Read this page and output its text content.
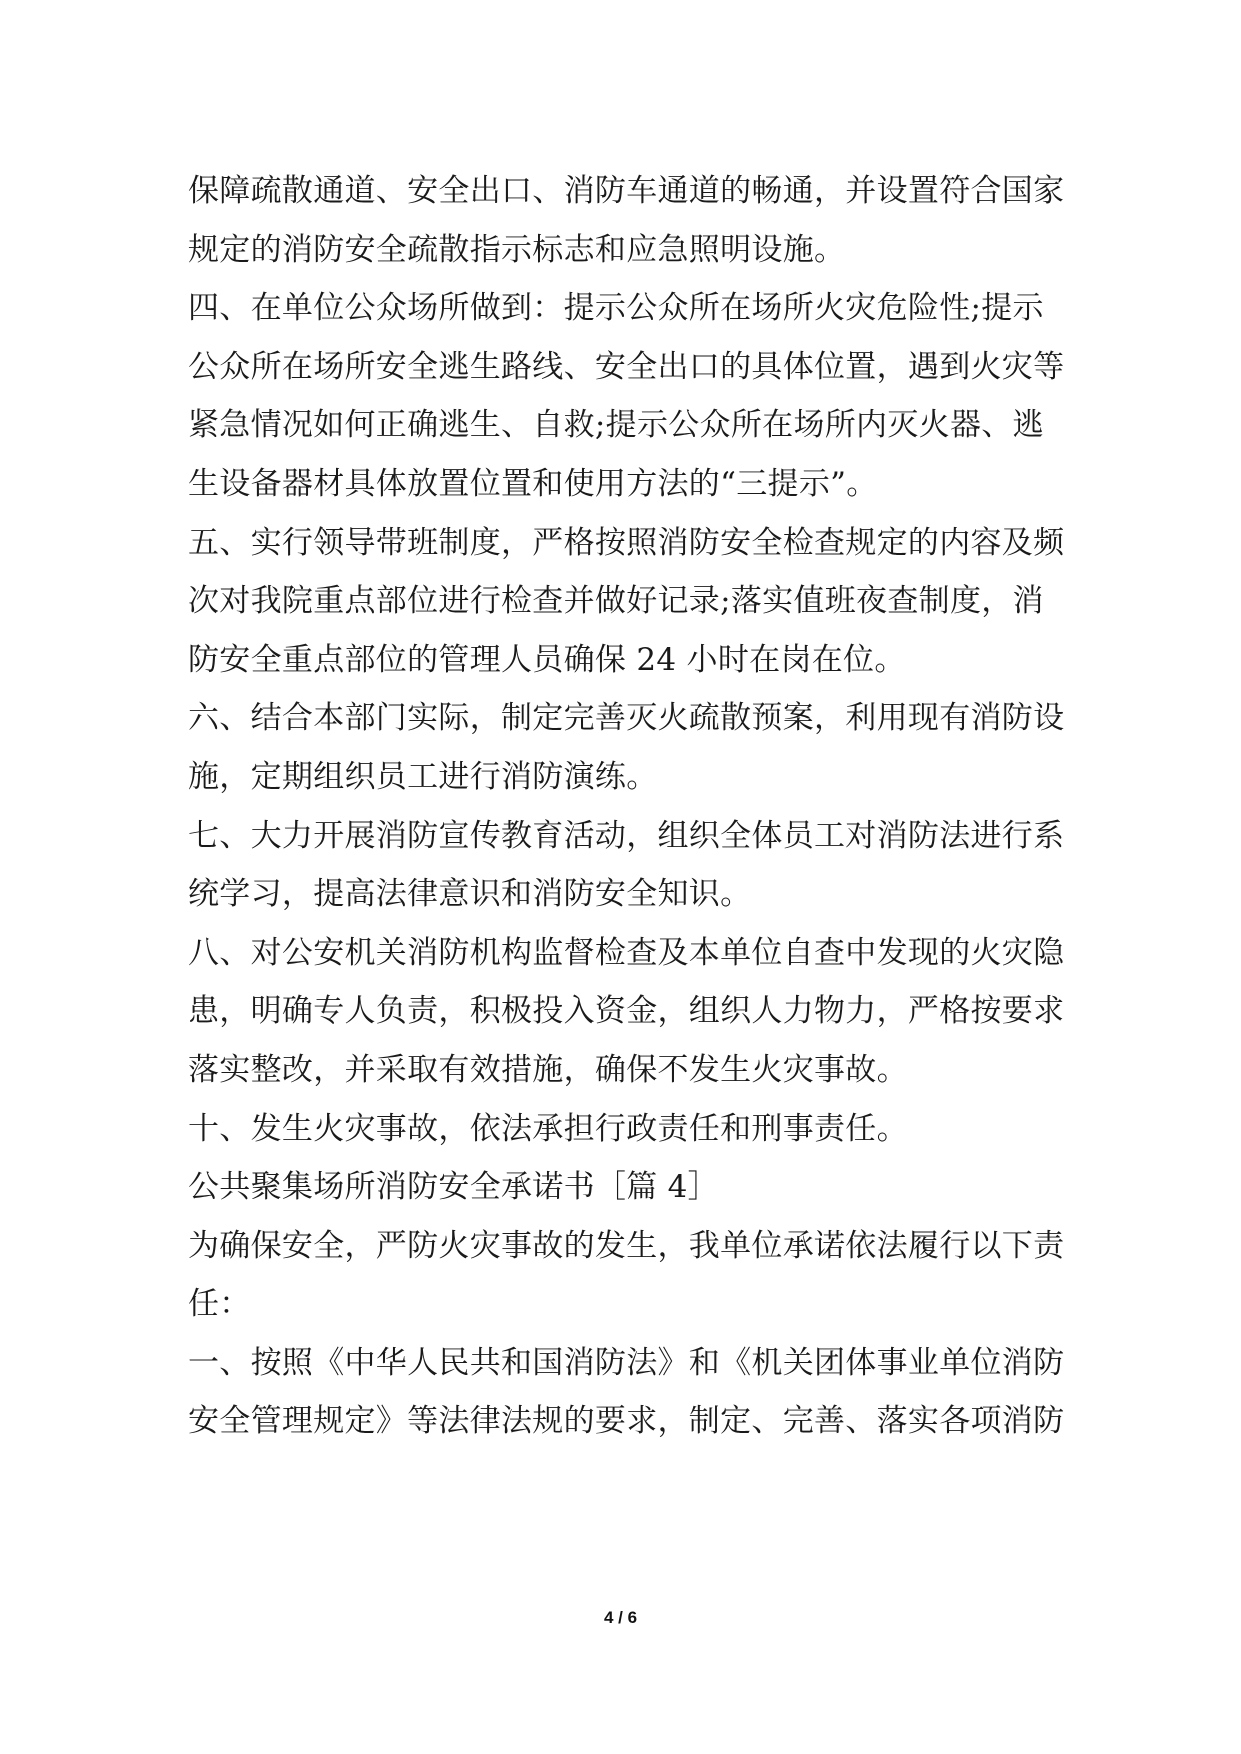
保障疏散通道、安全出口、消防车通道的畅通，并设置符合国家
规定的消防安全疏散指示标志和应急照明设施。
四、在单位公众场所做到：提示公众所在场所火灾危险性;提示
公众所在场所安全逃生路线、安全出口的具体位置，遇到火灾等
紧急情况如何正确逃生、自救;提示公众所在场所内灭火器、逃
生设备器材具体放置位置和使用方法的“三提示”。
五、实行领导带班制度，严格按照消防安全检查规定的内容及频
次对我院重点部位进行检查并做好记录;落实值班夜查制度，消
防安全重点部位的管理人员确保 24 小时在岗在位。
六、结合本部门实际，制定完善灭火疏散预案，利用现有消防设
施，定期组织员工进行消防演练。
七、大力开展消防宣传教育活动，组织全体员工对消防法进行系
统学习，提高法律意识和消防安全知识。
八、对公安机关消防机构监督检查及本单位自查中发现的火灾隐
患，明确专人负责，积极投入资金，组织人力物力，严格按要求
落实整改，并采取有效措施，确保不发生火灾事故。
十、发生火灾事故，依法承担行政责任和刑事责任。
公共聚集场所消防安全承诺书［篇 4］
为确保安全，严防火灾事故的发生，我单位承诺依法履行以下责
任：
一、按照《中华人民共和国消防法》和《机关团体事业单位消防
安全管理规定》等法律法规的要求，制定、完善、落实各项消防
4 / 6
